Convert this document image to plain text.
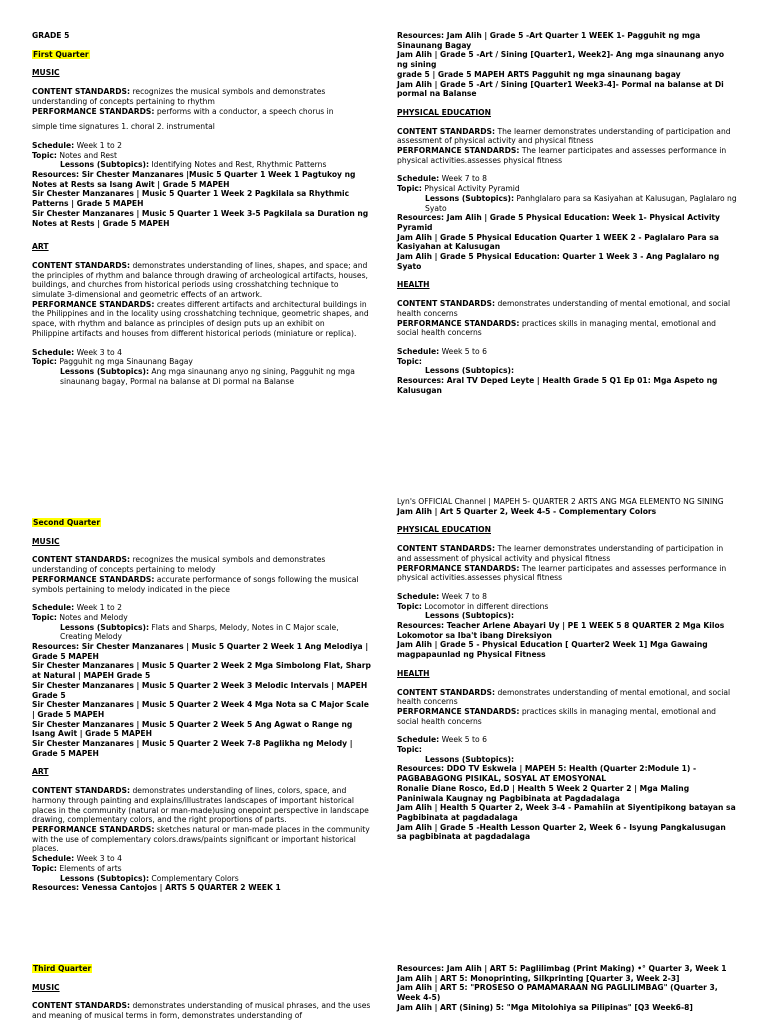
GRADE 5

First Quarter

MUSIC

CONTENT STANDARDS: recognizes the musical symbols and demonstrates understanding of concepts pertaining to rhythm

PERFORMANCE STANDARDS: performs with a conductor, a speech chorus in

simple time signatures 1. choral 2. instrumental

Schedule: Week 1 to 2

Topic: Notes and Rest

Lessons (Subtopics): Identifying Notes and Rest, Rhythmic Patterns

Resources: Sir Chester Manzanares |Music 5 Quarter 1 Week 1 Pagtukoy ng Notes at Rests sa Isang Awit | Grade 5 MAPEH

Sir Chester Manzanares | Music 5 Quarter 1 Week 2 Pagkilala sa Rhythmic Patterns | Grade 5 MAPEH

Sir Chester Manzanares | Music 5 Quarter 1 Week 3-5 Pagkilala sa Duration ng Notes at Rests | Grade 5 MAPEH

ART

CONTENT STANDARDS: demonstrates understanding of lines, shapes, and space; and the principles of rhythm and balance through drawing of archeological artifacts, houses, buildings, and churches from historical periods using crosshatching technique to simulate 3-dimensional and geometric effects of an artwork.

PERFORMANCE STANDARDS: creates different artifacts and architectural buildings in the Philippines and in the locality using crosshatching technique, geometric shapes, and space, with rhythm and balance as principles of design puts up an exhibit on

Philippine artifacts and houses from different historical periods (miniature or replica).

Schedule: Week 3 to 4

Topic: Pagguhit ng mga Sinaunang Bagay

Lessons (Subtopics): Ang mga sinaunang anyo ng sining, Pagguhit ng mga sinaunang bagay, Pormal na balanse at Di pormal na Balanse

Resources: Jam Alih | Grade 5 -Art Quarter 1 WEEK 1- Pagguhit ng mga Sinaunang Bagay

Jam Alih | Grade 5 -Art / Sining [Quarter1, Week2]- Ang mga sinaunang anyo ng sining

grade 5 | Grade 5 MAPEH ARTS Pagguhit ng mga sinaunang bagay

Jam Alih | Grade 5 -Art / Sining [Quarter1 Week3-4]- Pormal na balanse at Di pormal na Balanse

PHYSICAL EDUCATION

CONTENT STANDARDS: The learner demonstrates understanding of participation and assessment of physical activity and physical fitness

PERFORMANCE STANDARDS: The learner participates and assesses performance in physical activities.assesses physical fitness

Schedule: Week 7 to 8

Topic: Physical Activity Pyramid

Lessons (Subtopics): Panhglalaro para sa Kasiyahan at Kalusugan, Paglalaro ng Syato

Resources: Jam Alih | Grade 5 Physical Education: Week 1- Physical Activity Pyramid

Jam Alih | Grade 5 Physical Education Quarter 1 WEEK 2 - Paglalaro Para sa Kasiyahan at Kalusugan

Jam Alih | Grade 5 Physical Education: Quarter 1 Week 3 - Ang Paglalaro ng Syato

HEALTH

CONTENT STANDARDS: demonstrates understanding of mental emotional, and social health concerns

PERFORMANCE STANDARDS: practices skills in managing mental, emotional and social health concerns

Schedule: Week 5 to 6

Topic:

Lessons (Subtopics):

Resources: Aral TV Deped Leyte | Health Grade 5 Q1 Ep 01: Mga Aspeto ng Kalusugan

Second Quarter

MUSIC

CONTENT STANDARDS: recognizes the musical symbols and demonstrates understanding of concepts pertaining to melody

PERFORMANCE STANDARDS: accurate performance of songs following the musical symbols pertaining to melody indicated in the piece

Schedule: Week 1 to 2

Topic: Notes and Melody

Lessons (Subtopics): Flats and Sharps, Melody, Notes in C Major scale, Creating Melody

Resources: Sir Chester Manzanares | Music 5 Quarter 2 Week 1 Ang Melodiya | Grade 5 MAPEH

Sir Chester Manzanares | Music 5 Quarter 2 Week 2 Mga Simbolong Flat, Sharp at Natural | MAPEH Grade 5

Sir Chester Manzanares | Music 5 Quarter 2 Week 3 Melodic Intervals | MAPEH Grade 5

Sir Chester Manzanares | Music 5 Quarter 2 Week 4 Mga Nota sa C Major Scale | Grade 5 MAPEH

Sir Chester Manzanares | Music 5 Quarter 2 Week 5 Ang Agwat o Range ng Isang Awit | Grade 5 MAPEH

Sir Chester Manzanares | Music 5 Quarter 2 Week 7-8 Paglikha ng Melody | Grade 5 MAPEH

ART

CONTENT STANDARDS: demonstrates understanding of lines, colors, space, and harmony through painting and explains/illustrates landscapes of important historical places in the community (natural or man-made)using onepoint perspective in landscape drawing, complementary colors, and the right proportions of parts.

PERFORMANCE STANDARDS: sketches natural or man-made places in the community with the use of complementary colors.draws/paints significant or important historical places.

Schedule: Week 3 to 4

Topic: Elements of arts

Lessons (Subtopics): Complementary Colors

Resources: Venessa Cantojos | ARTS 5 QUARTER 2 WEEK 1

Lyn's OFFICIAL Channel | MAPEH 5- QUARTER 2 ARTS ANG MGA ELEMENTO NG SINING

Jam Alih | Art 5 Quarter 2, Week 4-5 - Complementary Colors

PHYSICAL EDUCATION

CONTENT STANDARDS: The learner demonstrates understanding of participation in and assessment of physical activity and physical fitness

PERFORMANCE STANDARDS: The learner participates and assesses performance in physical activities.assesses physical fitness

Schedule: Week 7 to 8

Topic: Locomotor in different directions

Lessons (Subtopics):

Resources: Teacher Arlene Abayari Uy | PE 1 WEEK 5 8 QUARTER 2 Mga Kilos Lokomotor sa Iba't ibang Direksiyon

Jam Alih | Grade 5 - Physical Education [ Quarter2 Week 1] Mga Gawaing magpapaunlad ng Physical Fitness

HEALTH

CONTENT STANDARDS: demonstrates understanding of mental emotional, and social health concerns

PERFORMANCE STANDARDS: practices skills in managing mental, emotional and social health concerns

Schedule: Week 5 to 6

Topic:

Lessons (Subtopics):

Resources: DDO TV Eskwela | MAPEH 5: Health (Quarter 2:Module 1) - PAGBABAGONG PISIKAL, SOSYAL AT EMOSYONAL

Ronalie Diane Rosco, Ed.D | Health 5 Week 2 Quarter 2 | Mga Maling Paniniwala Kaugnay ng Pagbibinata at Pagdadalaga

Jam Alih | Health 5 Quarter 2, Week 3-4 - Pamahiin at Siyentipikong batayan sa Pagbibinata at pagdadalaga

Jam Alih | Grade 5 -Health Lesson Quarter 2, Week 6 - Isyung Pangkalusugan sa pagbibinata at pagdadalaga

Third Quarter

MUSIC

CONTENT STANDARDS: demonstrates understanding of musical phrases, and the uses and meaning of musical terms in form, demonstrates understanding of

Resources: Jam Alih | ART 5: Paglilimbag (Print Making) •° Quarter 3, Week 1

Jam Alih | ART 5: Monoprinting, Silkprinting [Quarter 3, Week 2-3]

Jam Alih | ART 5: "PROSESO O PAMAMARAAN NG PAGLILIMBAG" (Quarter 3, Week 4-5)

Jam Alih | ART (Sining) 5: "Mga Mitolohiya sa Pilipinas" [Q3 Week6-8]
